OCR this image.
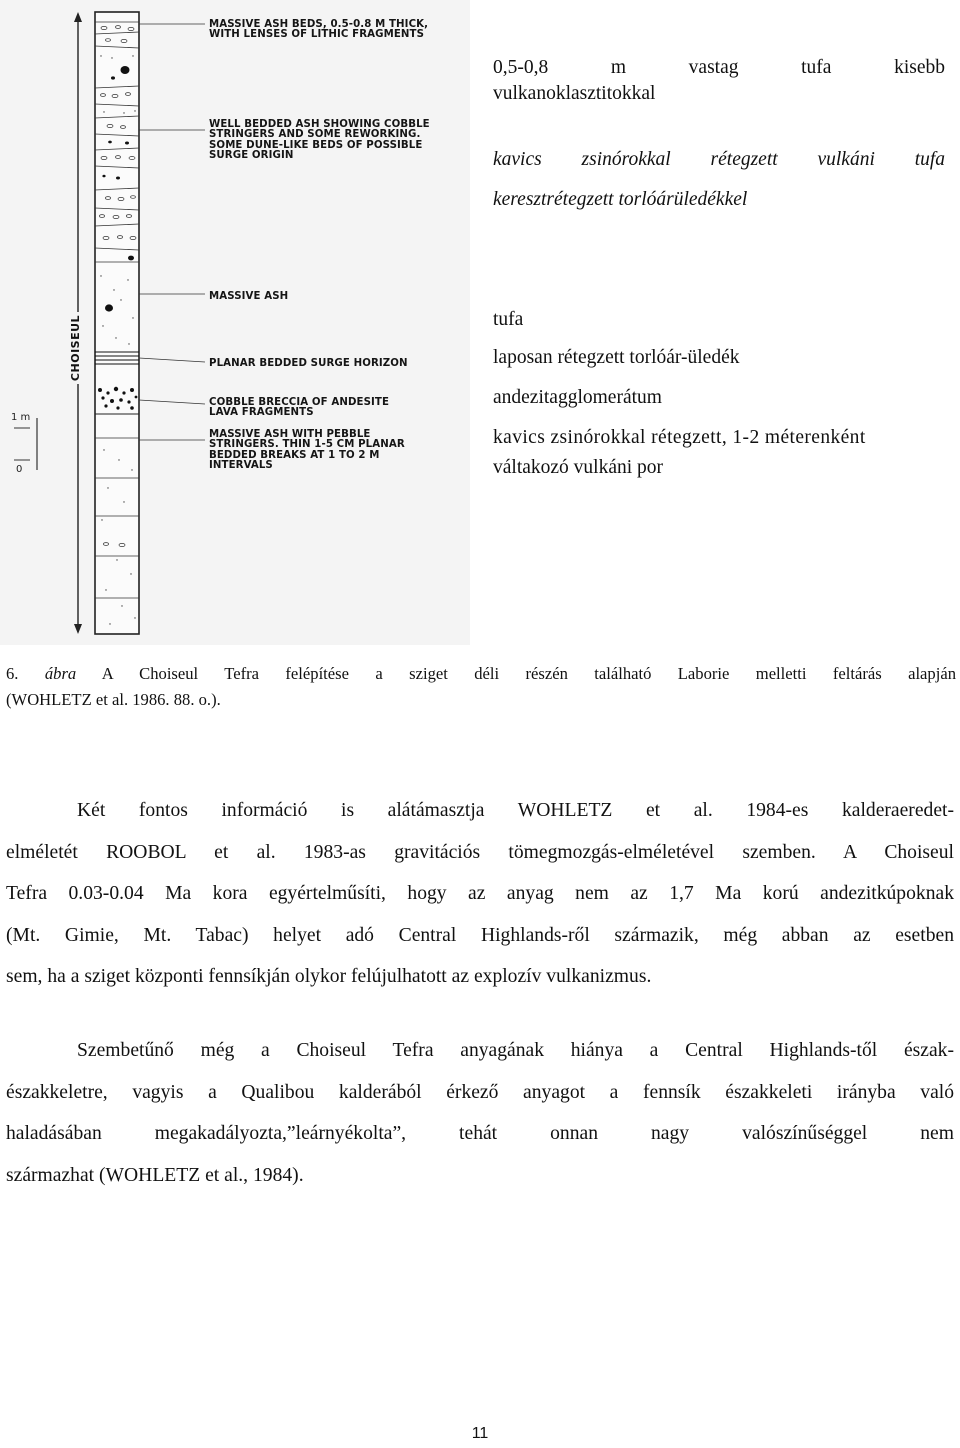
MASSIVE ASH BEDS, 0.5-0.8 M THICK,
WITH LENSES OF LITHIC FRAGMENTS
WELL BEDDED ASH SHOWING COBBLE
STRINGERS AND SOME REWORKING.
SOME DUNE-LIKE BEDS OF POSSIBLE
SURGE ORIGIN
MASSIVE ASH
PLANAR BEDDED SURGE HORIZON
COBBLE BRECCIA OF ANDESITE
LAVA FRAGMENTS
MASSIVE ASH WITH PEBBLE
STRINGERS. THIN 1-5 CM PLANAR
BEDDED BREAKS AT 1 TO 2 M
INTERVALS
CHOISEUL
1 m
0
0,5-0,8	m	vastag	tufa	kisebb
vulkanoklasztitokkal
kavics zsinórokkal rétegzett vulkáni tufa
keresztrétegzett torlóárüledékkel
tufa
laposan rétegzett torlóár-üledék
andezitagglomerátum
kavics zsinórokkal rétegzett, 1-2 méterenként
váltakozó vulkáni por
6. ábra A Choiseul Tefra felépítése a sziget déli részén található Laborie melletti feltárás alapján
(WOHLETZ et al. 1986. 88. o.).
Két fontos információ is alátámasztja WOHLETZ et al. 1984-es kalderaeredet-
elméletét ROOBOL et al. 1983-as gravitációs tömegmozgás-elméletével szemben. A Choiseul
Tefra 0.03-0.04 Ma kora egyértelműsíti, hogy az anyag nem az 1,7 Ma korú andezitkúpoknak
(Mt. Gimie, Mt. Tabac) helyet adó Central Highlands-ről származik, még abban az esetben
sem, ha a sziget központi fennsíkján olykor felújulhatott az explozív vulkanizmus.
Szembetűnő még a Choiseul Tefra anyagának hiánya a Central Highlands-től észak-
északkeletre, vagyis a Qualibou kalderából érkező anyagot a fennsík északkeleti irányba való
haladásában megakadályozta,”leárnyékolta”, tehát onnan nagy valószínűséggel nem
származhat (WOHLETZ et al., 1984).
11
